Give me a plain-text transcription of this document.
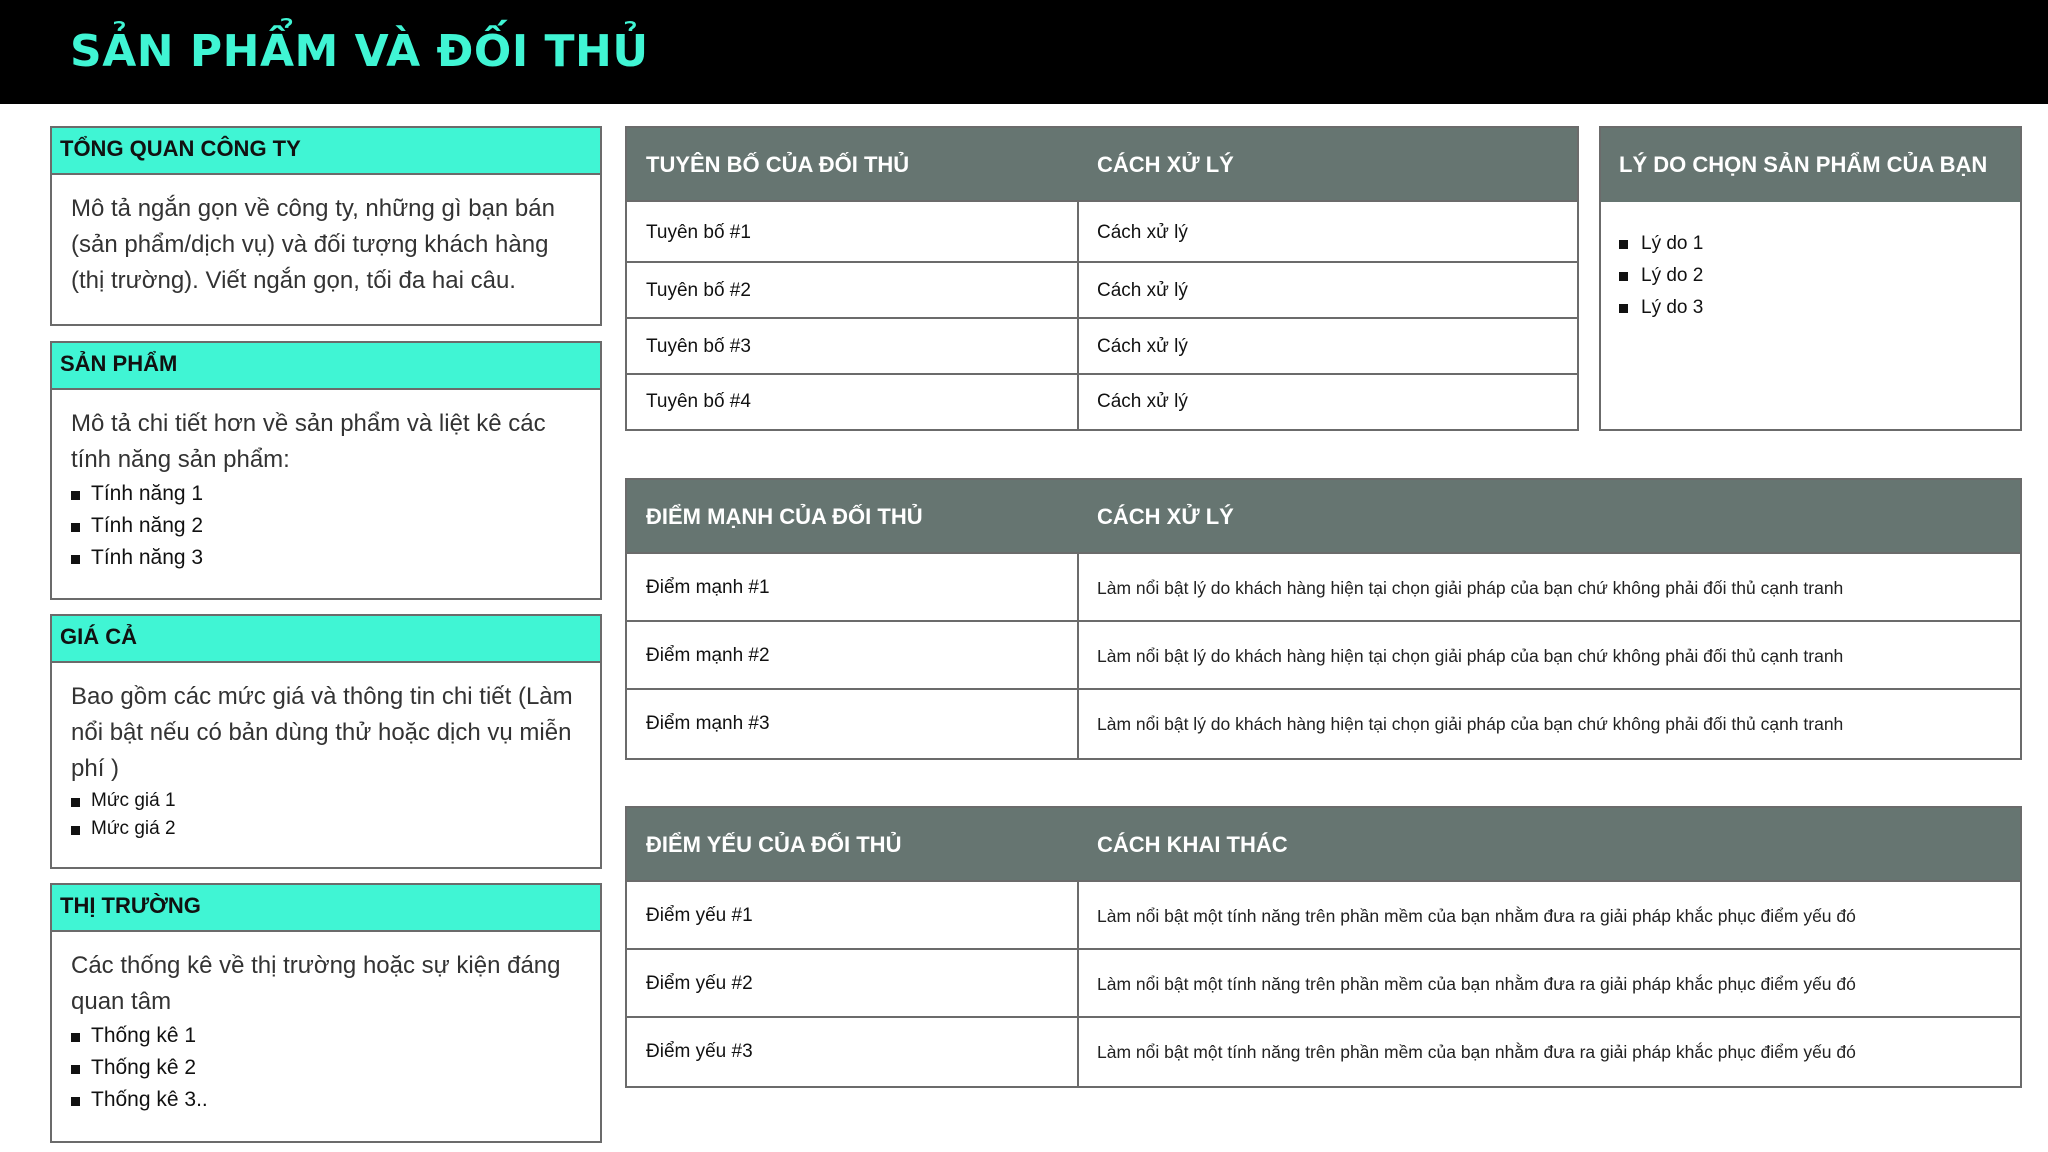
SẢN PHẨM VÀ ĐỐI THỦ
TỔNG QUAN CÔNG TY

Mô tả ngắn gọn về công ty, những gì bạn bán (sản phẩm/dịch vụ) và đối tượng khách hàng (thị trường). Viết ngắn gọn, tối đa hai câu.

SẢN PHẨM

Mô tả chi tiết hơn về sản phẩm và liệt kê các tính năng sản phẩm:

Tính năng 1
Tính năng 2
Tính năng 3
GIÁ CẢ

Bao gồm các mức giá và thông tin chi tiết (Làm nổi bật nếu có bản dùng thử hoặc dịch vụ miễn phí )

Mức giá 1
Mức giá 2
THỊ TRƯỜNG

Các thống kê về thị trường hoặc sự kiện đáng quan tâm

Thống kê 1
Thống kê 2
Thống kê 3..
TUYÊN BỐ CỦA ĐỐI THỦ	CÁCH XỬ LÝ
Tuyên bố #1	Cách xử lý
Tuyên bố #2	Cách xử lý
Tuyên bố #3	Cách xử lý
Tuyên bố #4	Cách xử lý
LÝ DO CHỌN SẢN PHẨM CỦA BẠN
Lý do 1
Lý do 2
Lý do 3
ĐIỂM MẠNH CỦA ĐỐI THỦ	CÁCH XỬ LÝ
Điểm mạnh #1	Làm nổi bật lý do khách hàng hiện tại chọn giải pháp của bạn chứ không phải đối thủ cạnh tranh
Điểm mạnh #2	Làm nổi bật lý do khách hàng hiện tại chọn giải pháp của bạn chứ không phải đối thủ cạnh tranh
Điểm mạnh #3	Làm nổi bật lý do khách hàng hiện tại chọn giải pháp của bạn chứ không phải đối thủ cạnh tranh
ĐIỂM YẾU CỦA ĐỐI THỦ	CÁCH KHAI THÁC
Điểm yếu #1	Làm nổi bật một tính năng trên phần mềm của bạn nhằm đưa ra giải pháp khắc phục điểm yếu đó
Điểm yếu #2	Làm nổi bật một tính năng trên phần mềm của bạn nhằm đưa ra giải pháp khắc phục điểm yếu đó
Điểm yếu #3	Làm nổi bật một tính năng trên phần mềm của bạn nhằm đưa ra giải pháp khắc phục điểm yếu đó
